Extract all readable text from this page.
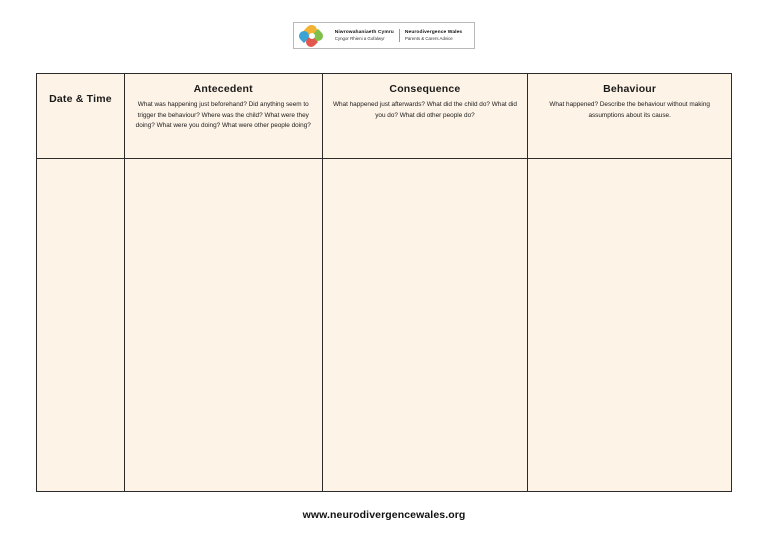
Niwrowahaniaeth Cymru
Cyngor Rhieni a Gofalwyr
Neurodivergence Wales
Parents & Carers Advice
Date & Time
Antecedent
What was happening just beforehand? Did anything seem to trigger the behaviour? Where was the child? What were they doing? What were you doing? What were other people doing?
Consequence
What happened just afterwards? What did the child do? What did you do? What did other people do?
Behaviour
What happened? Describe the behaviour without making assumptions about its cause.
www.neurodivergencewales.org
